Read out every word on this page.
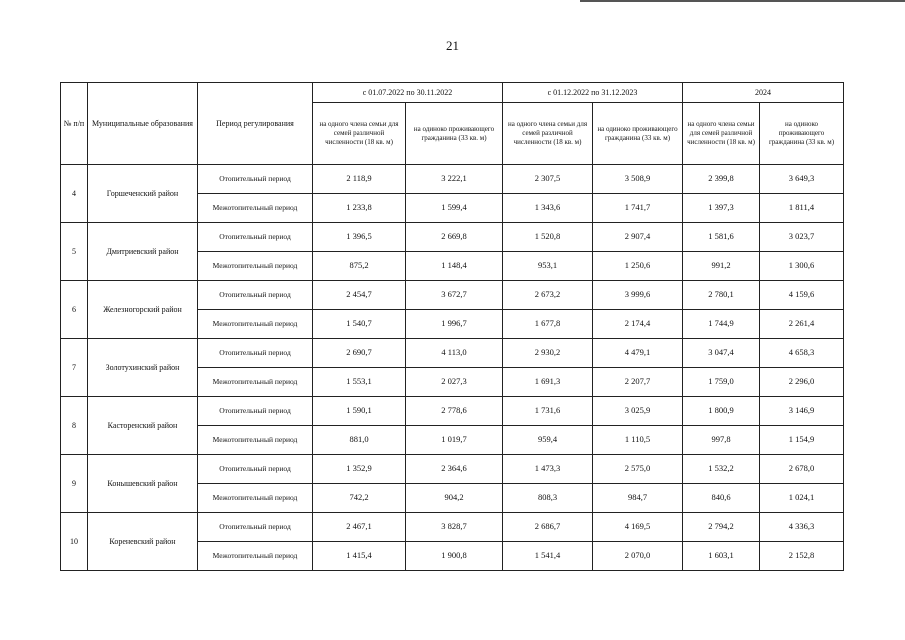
21
№ п/п	Муниципальные образования	Период регулирования	с 01.07.2022 по 30.11.2022		с 01.12.2022 по 31.12.2023		2024	
			на одного члена семьи для семей различной численности (18 кв. м)	на одиноко проживающего гражданина (33 кв. м)	на одного члена семьи для семей различной численности (18 кв. м)	на одиноко проживающего гражданина (33 кв. м)	на одного члена семьи для семей различной численности (18 кв. м)	на одиноко проживающего гражданина (33 кв. м)
4	Горшеченский район	Отопительный период	2 118,9	3 222,1	2 307,5	3 508,9	2 399,8	3 649,3
		Межотопительный период	1 233,8	1 599,4	1 343,6	1 741,7	1 397,3	1 811,4
5	Дмитриевский район	Отопительный период	1 396,5	2 669,8	1 520,8	2 907,4	1 581,6	3 023,7
		Межотопительный период	875,2	1 148,4	953,1	1 250,6	991,2	1 300,6
6	Железногорский район	Отопительный период	2 454,7	3 672,7	2 673,2	3 999,6	2 780,1	4 159,6
		Межотопительный период	1 540,7	1 996,7	1 677,8	2 174,4	1 744,9	2 261,4
7	Золотухинский район	Отопительный период	2 690,7	4 113,0	2 930,2	4 479,1	3 047,4	4 658,3
		Межотопительный период	1 553,1	2 027,3	1 691,3	2 207,7	1 759,0	2 296,0
8	Касторенский район	Отопительный период	1 590,1	2 778,6	1 731,6	3 025,9	1 800,9	3 146,9
		Межотопительный период	881,0	1 019,7	959,4	1 110,5	997,8	1 154,9
9	Конышевский район	Отопительный период	1 352,9	2 364,6	1 473,3	2 575,0	1 532,2	2 678,0
		Межотопительный период	742,2	904,2	808,3	984,7	840,6	1 024,1
10	Кореневский район	Отопительный период	2 467,1	3 828,7	2 686,7	4 169,5	2 794,2	4 336,3
		Межотопительный период	1 415,4	1 900,8	1 541,4	2 070,0	1 603,1	2 152,8
